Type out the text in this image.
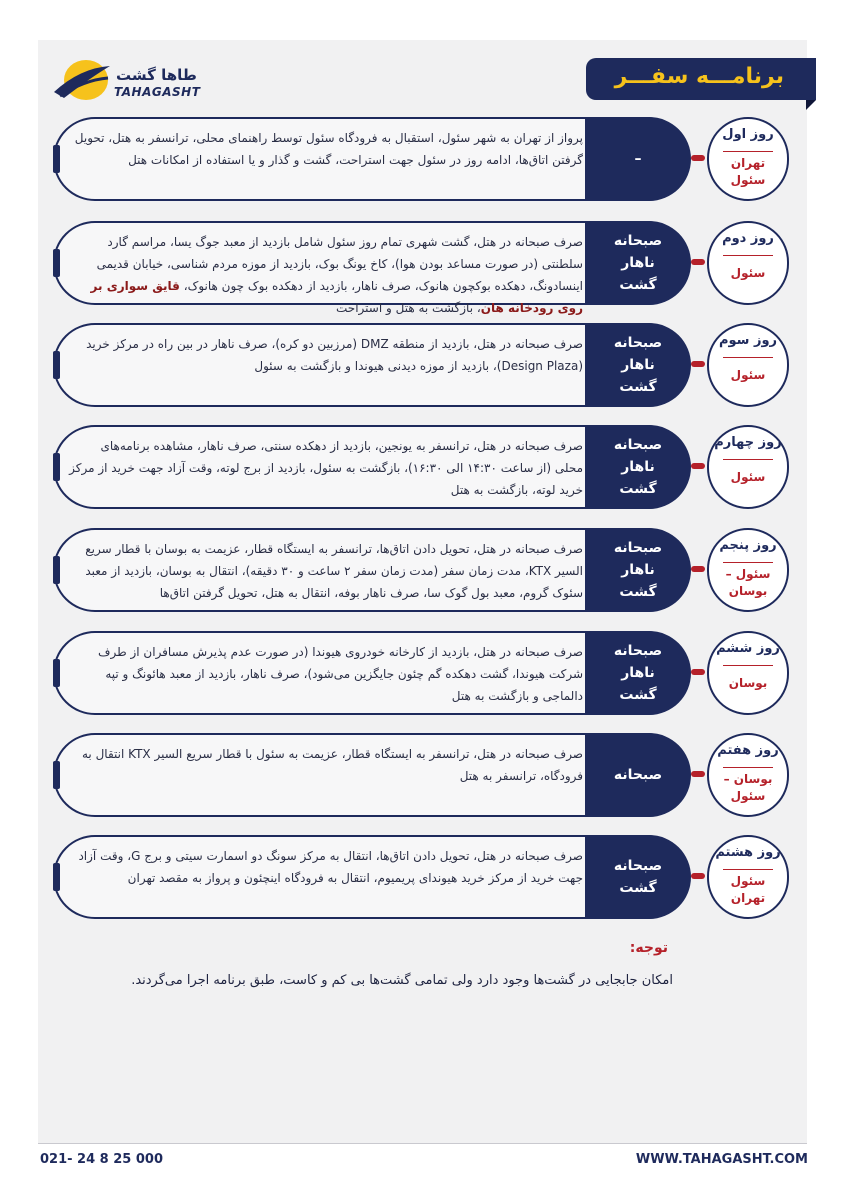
طاها گشت
TAHAGASHT
برنامـــه سفـــر
پرواز از تهران به شهر سئول، استقبال به فرودگاه سئول توسط راهنمای محلی، ترانسفر به هتل، تحویل گرفتن اتاق‌ها، ادامه روز در سئول جهت استراحت، گشت و گذار و یا استفاده از امکانات هتل	–
روز اول
تهران
سئول
صرف صبحانه در هتل، گشت شهری تمام روز سئول شامل بازدید از معبد جوگ یسا، مراسم گارد سلطنتی (در صورت مساعد بودن هوا)، کاخ یونگ بوک، بازدید از موزه مردم شناسی، خیابان قدیمی اینسادونگ، دهکده بوکچون هانوک، صرف ناهار، بازدید از دهکده بوک چون هانوک، قایق سواری بر روی رودخانه هان، بازگشت به هتل و استراحت
صبحانه
ناهار
گشت
روز دوم
سئول
صرف صبحانه در هتل، بازدید از منطقه DMZ (مرزبین دو کره)، صرف ناهار در بین راه در مرکز خرید (Design Plaza)، بازدید از موزه دیدنی هیوندا و بازگشت به سئول
صبحانه
ناهار
گشت
روز سوم
سئول
صرف صبحانه در هتل، ترانسفر به یونجین، بازدید از دهکده سنتی، صرف ناهار، مشاهده برنامه‌های محلی (از ساعت ۱۴:۳۰ الی ۱۶:۳۰)، بازگشت به سئول، بازدید از برج لوته، وقت آزاد جهت خرید از مرکز خرید لوته، بازگشت به هتل
صبحانه
ناهار
گشت
روز چهارم
سئول
صرف صبحانه در هتل، تحویل دادن اتاق‌ها، ترانسفر به ایستگاه قطار، عزیمت به بوسان با قطار سریع السیر KTX، مدت زمان سفر (مدت زمان سفر ۲ ساعت و ۳۰ دقیقه)، انتقال به بوسان، بازدید از معبد سئوک گروم، معبد بول گوک سا، صرف ناهار بوفه، انتقال به هتل، تحویل گرفتن اتاق‌ها
صبحانه
ناهار
گشت
روز پنجم
سئول –
بوسان
صرف صبحانه در هتل، بازدید از کارخانه خودروی هیوندا (در صورت عدم پذیرش مسافران از طرف شرکت هیوندا، گشت دهکده گم چئون جایگزین می‌شود)، صرف ناهار، بازدید از معبد هائونگ و تپه دالماجی و بازگشت به هتل
صبحانه
ناهار
گشت
روز ششم
بوسان
صرف صبحانه در هتل، ترانسفر به ایستگاه قطار، عزیمت به سئول با قطار سریع السیر KTX انتقال به فرودگاه، ترانسفر به هتل صبحانه
روز هفتم
بوسان –
سئول
صرف صبحانه در هتل، تحویل دادن اتاق‌ها، انتقال به مرکز سونگ دو اسمارت سیتی و برج G، وقت آزاد جهت خرید از مرکز خرید هیوندای پریمیوم، انتقال به فرودگاه اینچئون و پرواز به مقصد تهران
صبحانه
گشت
روز هشتم
سئول
تهران
توجه:
امکان جابجایی در گشت‌ها وجود دارد ولی تمامی گشت‌ها بی کم و کاست، طبق برنامه اجرا می‌گردند.
021- 24 8 25 000	WWW.TAHAGASHT.COM
